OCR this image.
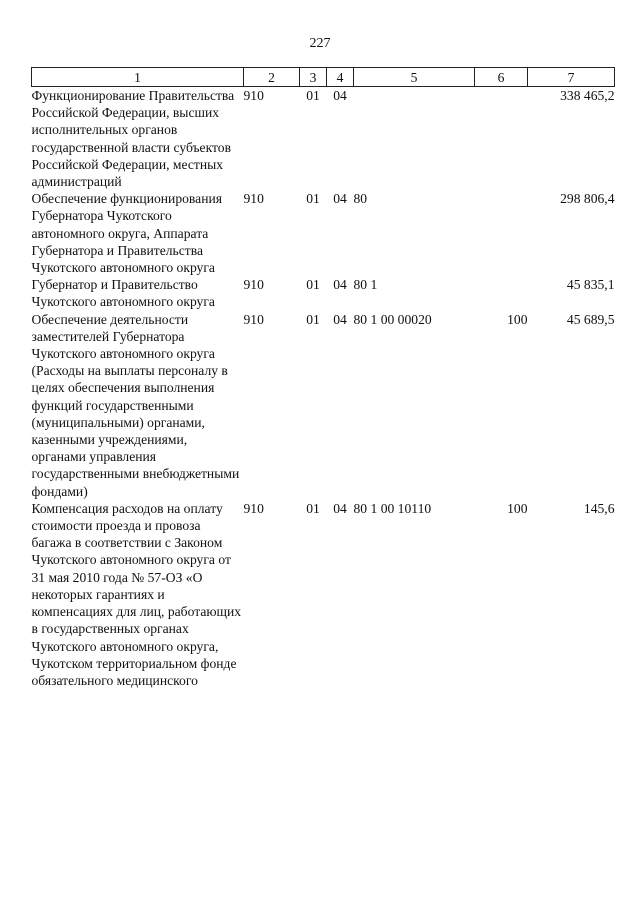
227
1	2	3	4	5	6	7
Функционирование Правительства Российской Федерации, высших исполнительных органов государственной власти субъектов Российской Федерации, местных администраций	910	01	04			338 465,2
Обеспечение функционирования Губернатора Чукотского автономного округа, Аппарата Губернатора и Правительства Чукотского автономного округа	910	01	04	80		298 806,4
Губернатор и Правительство Чукотского автономного округа	910	01	04	80 1		45 835,1
Обеспечение деятельности заместителей Губернатора Чукотского автономного округа (Расходы на выплаты персоналу в целях обеспечения выполнения функций государственными (муниципальными) органами, казенными учреждениями, органами управления государственными внебюджетными фондами)	910	01	04	80 1 00 00020	100	45 689,5
Компенсация расходов на оплату стоимости проезда и провоза багажа в соответствии с Законом Чукотского автономного округа от 31 мая 2010 года № 57-ОЗ «О некоторых гарантиях и компенсациях для лиц, работающих в государственных органах Чукотского автономного округа, Чукотском территориальном фонде обязательного медицинского	910	01	04	80 1 00 10110	100	145,6
